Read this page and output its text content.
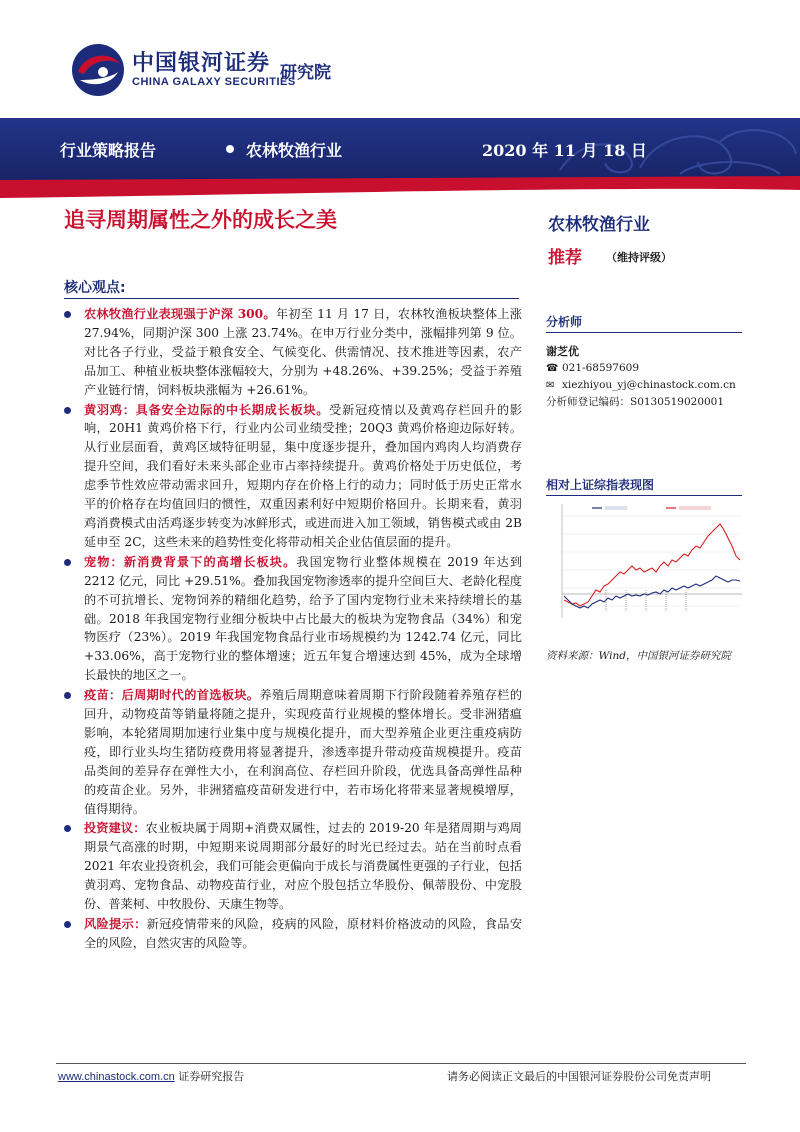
中国银河证券
CHINA GALAXY SECURITIES
研究院
行业策略报告	农林牧渔行业	2020 年 11 月 18 日
追寻周期属性之外的成长之美	农林牧渔行业
推荐 （维持评级）
核心观点:
农林牧渔行业表现强于沪深 300。年初至 11 月 17 日，农林牧渔板块整体上涨 27.94%，同期沪深 300 上涨 23.74%。在申万行业分类中，涨幅排列第 9 位。对比各子行业，受益于粮食安全、气候变化、供需情况、技术推进等因素，农产品加工、种植业板块整体涨幅较大，分别为 +48.26%、+39.25%；受益于养殖产业链行情，饲料板块涨幅为 +26.61%。
黄羽鸡：具备安全边际的中长期成长板块。受新冠疫情以及黄鸡存栏回升的影响，20H1 黄鸡价格下行，行业内公司业绩受挫；20Q3 黄鸡价格迎边际好转。从行业层面看，黄鸡区域特征明显，集中度逐步提升，叠加国内鸡肉人均消费存提升空间，我们看好未来头部企业市占率持续提升。黄鸡价格处于历史低位，考虑季节性效应带动需求回升，短期内存在价格上行的动力；同时低于历史正常水平的价格存在均值回归的惯性，双重因素利好中短期价格回升。长期来看，黄羽鸡消费模式由活鸡逐步转变为冰鲜形式，或进而进入加工领域，销售模式或由 2B 延申至 2C，这些未来的趋势性变化将带动相关企业估值层面的提升。
宠物：新消费背景下的高增长板块。我国宠物行业整体规模在 2019 年达到 2212 亿元，同比 +29.51%。叠加我国宠物渗透率的提升空间巨大、老龄化程度的不可抗增长、宠物饲养的精细化趋势，给予了国内宠物行业未来持续增长的基础。2018 年我国宠物行业细分板块中占比最大的板块为宠物食品（34%）和宠物医疗（23%）。2019 年我国宠物食品行业市场规模约为 1242.74 亿元，同比 +33.06%，高于宠物行业的整体增速；近五年复合增速达到 45%，成为全球增长最快的地区之一。
疫苗：后周期时代的首选板块。养殖后周期意味着周期下行阶段随着养殖存栏的回升，动物疫苗等销量将随之提升，实现疫苗行业规模的整体增长。受非洲猪瘟影响，本轮猪周期加速行业集中度与规模化提升，而大型养殖企业更注重疫病防疫，即行业头均生猪防疫费用将显著提升，渗透率提升带动疫苗规模提升。疫苗品类间的差异存在弹性大小，在利润高位、存栏回升阶段，优选具备高弹性品种的疫苗企业。另外，非洲猪瘟疫苗研发进行中，若市场化将带来显著规模增厚，值得期待。
投资建议：农业板块属于周期+消费双属性，过去的 2019-20 年是猪周期与鸡周期景气高涨的时期，中短期来说周期部分最好的时光已经过去。站在当前时点看 2021 年农业投资机会，我们可能会更偏向于成长与消费属性更强的子行业，包括黄羽鸡、宠物食品、动物疫苗行业，对应个股包括立华股份、佩蒂股份、中宠股份、普莱柯、中牧股份、天康生物等。
风险提示：新冠疫情带来的风险，疫病的风险，原材料价格波动的风险，食品安全的风险，自然灾害的风险等。
分析师
谢芝优
☎ 021-68597609
✉ xiezhiyou_yj@chinastock.com.cn
分析师登记编码：S0130519020001
相对上证综指表现图
资料来源：Wind，中国银河证券研究院
www.chinastock.com.cn 证券研究报告	请务必阅读正文最后的中国银河证券股份公司免责声明
